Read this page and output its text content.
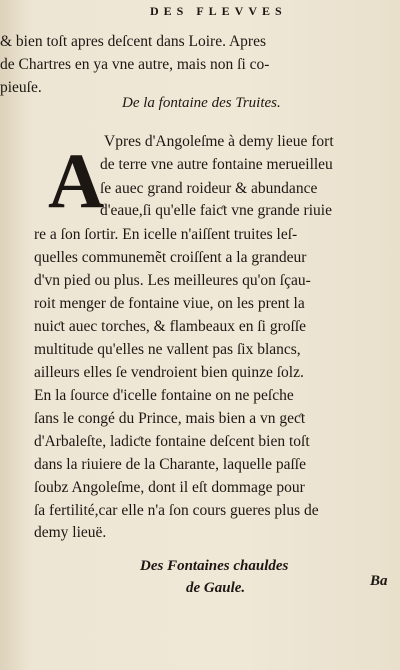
DES FLEVVES
& bien toſt apres deſcent dans Loire. Apres
de Chartres en ya vne autre, mais non ſi co-
pieuſe.
De la fontaine des Truites.
A Vpres d'Angoleſme à demy lieue fort
de terre vne autre fontaine merueilleu
ſe auec grand roideur & abundance
d'eaue,ſi qu'elle faiƈt vne grande riuie
re a ſon ſortir. En icelle n'aiſſent truites leſ-
quelles communemẽt croiſſent a la grandeur
d'vn pied ou plus. Les meilleures qu'on ſçau-
roit menger de fontaine viue, on les prent la
nuiƈt auec torches, & flambeaux en ſi groſſe
multitude qu'elles ne vallent pas ſix blancs,
ailleurs elles ſe vendroient bien quinze ſolz.
En la ſource d'icelle fontaine on ne peſche
ſans le congé du Prince, mais bien a vn geƈt
d'Arbaleſte, ladiƈte fontaine deſcent bien toſt
dans la riuiere de la Charante, laquelle paſſe
ſoubz Angoleſme, dont il eſt dommage pour
ſa fertilité,car elle n'a ſon cours gueres plus de
demy lieuë.
Des Fontaines chauldes
de Gaule.	Ba
